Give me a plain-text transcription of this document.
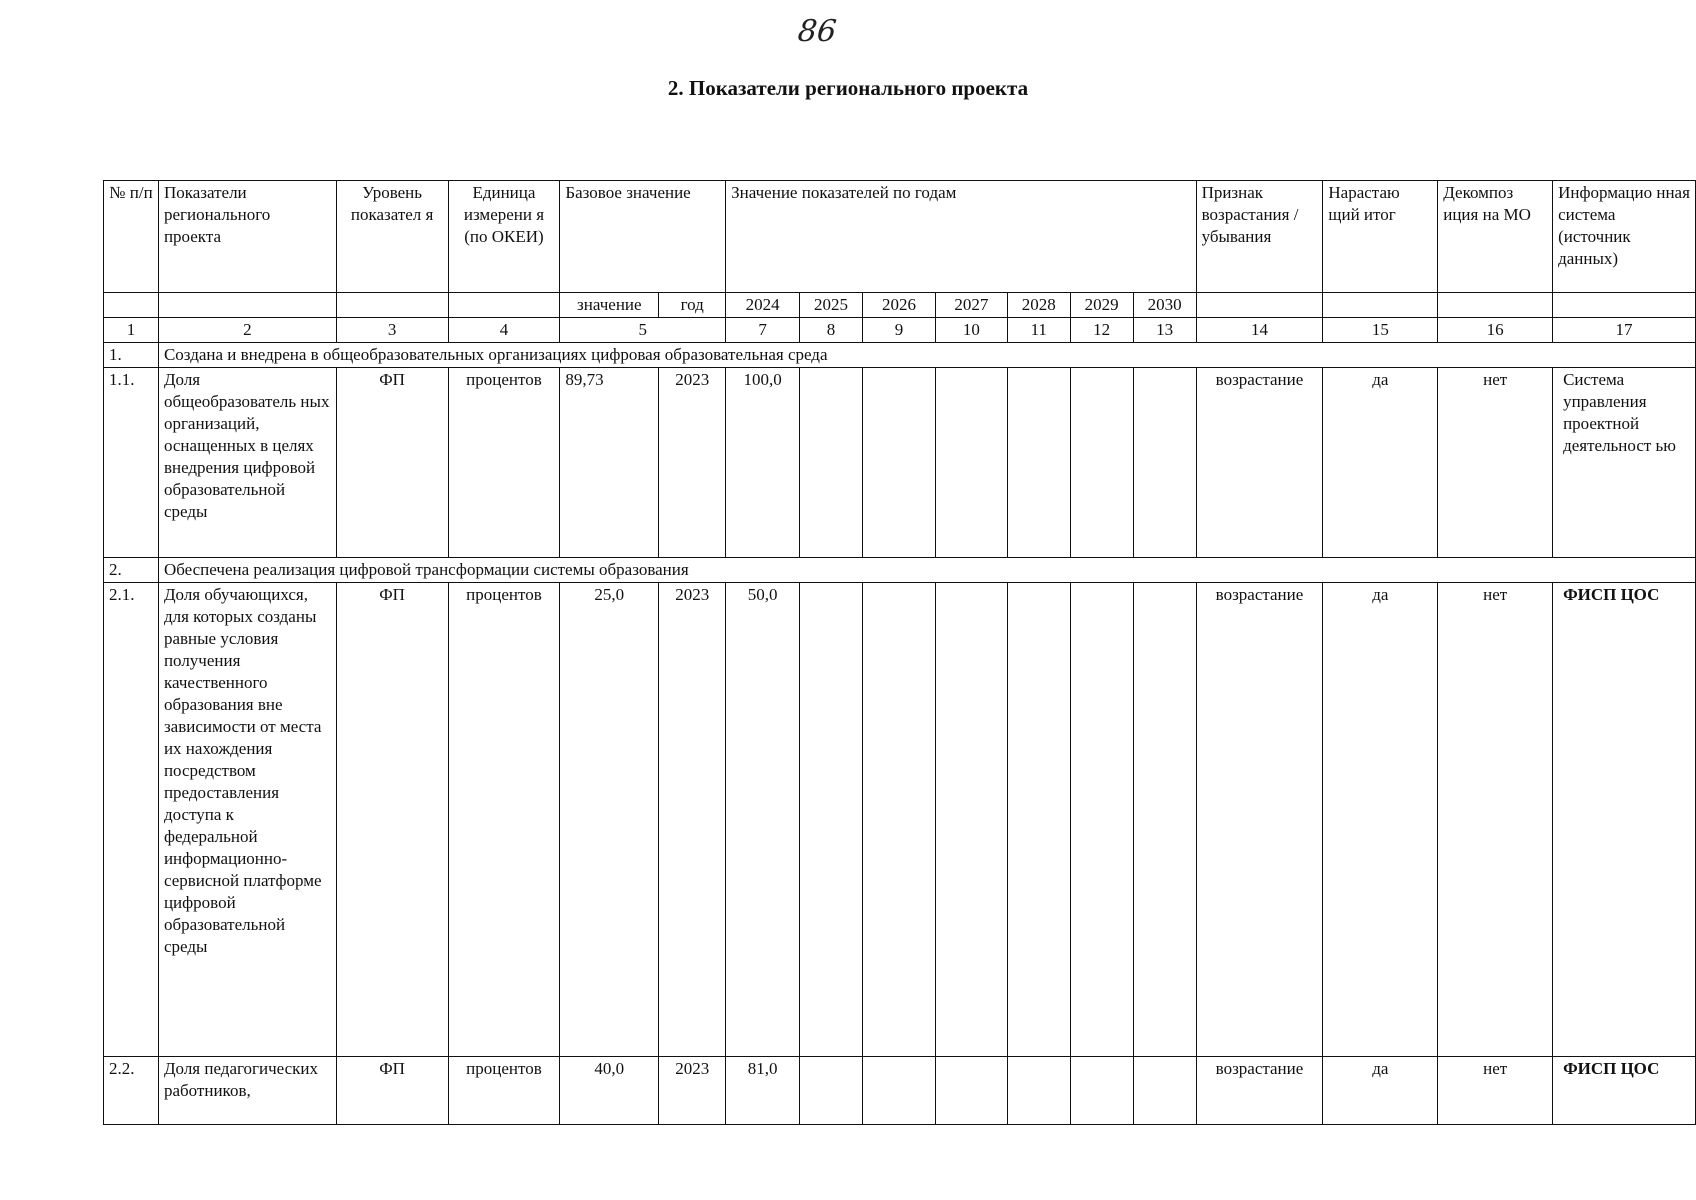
86
2. Показатели регионального проекта
№ п/п	Показатели регионального проекта	Уровень показател я	Единица измерени я (по ОКЕИ)	Базовое значение		Значение показателей по годам							Признак возрастания / убывания	Нарастаю щий итог	Декомпоз иция на МО	Информацио нная система (источник данных)
				значение	год	2024	2025	2026	2027	2028	2029	2030				
1	2	3	4	5		7	8	9	10	11	12	13	14	15	16	17
1.	Создана и внедрена в общеобразовательных организациях цифровая образовательная среда															
1.1.	Доля общеобразователь ных организаций, оснащенных в целях внедрения цифровой образовательной среды	ФП	процентов	89,73	2023	100,0							возрастание	да	нет	Система управления проектной деятельност ью
2.	Обеспечена реализация цифровой трансформации системы образования															
2.1.	Доля обучающихся, для которых созданы равные условия получения качественного образования вне зависимости от места их нахождения посредством предоставления доступа к федеральной информационно-сервисной платформе цифровой образовательной среды	ФП	процентов	25,0	2023	50,0							возрастание	да	нет	ФИСП ЦОС
2.2.	Доля педагогических работников,	ФП	процентов	40,0	2023	81,0							возрастание	да	нет	ФИСП ЦОС
